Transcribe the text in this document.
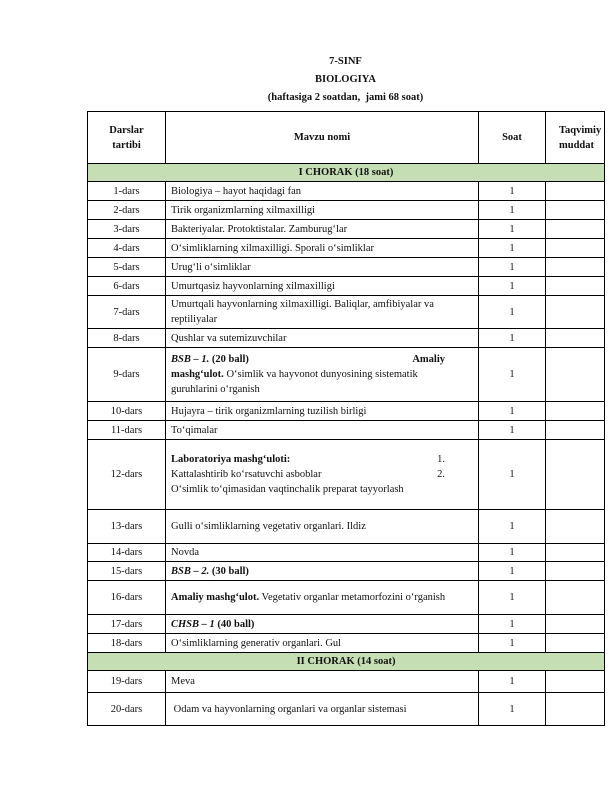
7-SINF
BIOLOGIYA
(haftasiga 2 soatdan,  jami 68 soat)
Darslar tartibi	Mavzu nomi	Soat	Taqvimiy muddat
I CHORAK (18 soat)			
1-dars	Biologiya – hayot haqidagi fan	1	
2-dars	Tirik organizmlarning xilmaxilligi	1	
3-dars	Bakteriyalar. Protoktistalar. Zamburug‘lar	1	
4-dars	O‘simliklarning xilmaxilligi. Sporali o‘simliklar	1	
5-dars	Urug‘li o‘simliklar	1	
6-dars	Umurtqasiz hayvonlarning xilmaxilligi	1	
7-dars	Umurtqali hayvonlarning xilmaxilligi. Baliqlar, amfibiyalar va reptiliyalar	1	
8-dars	Qushlar va sutemizuvchilar	1	
9-dars	BSB – 1. (20 ball) Amaliy
mashg‘ulot. O‘simlik va hayvonot dunyosining sistematik
guruhlarini o‘rganish	1	
10-dars	Hujayra – tirik organizmlarning tuzilish birligi	1	
11-dars	To‘qimalar	1	
12-dars	Laboratoriya mashg‘uloti: 1.
Kattalashtirib ko‘rsatuvchi asboblar 2.
O‘simlik to‘qimasidan vaqtinchalik preparat tayyorlash	1	
13-dars	Gulli o‘simliklarning vegetativ organlari. Ildiz	1	
14-dars	Novda	1	
15-dars	BSB – 2. (30 ball)	1	
16-dars	Amaliy mashg‘ulot. Vegetativ organlar metamorfozini o‘rganish	1	
17-dars	CHSB – 1 (40 ball)	1	
18-dars	O‘simliklarning generativ organlari. Gul	1	
II CHORAK (14 soat)			
19-dars	Meva	1	
20-dars	Odam va hayvonlarning organlari va organlar sistemasi	1	
